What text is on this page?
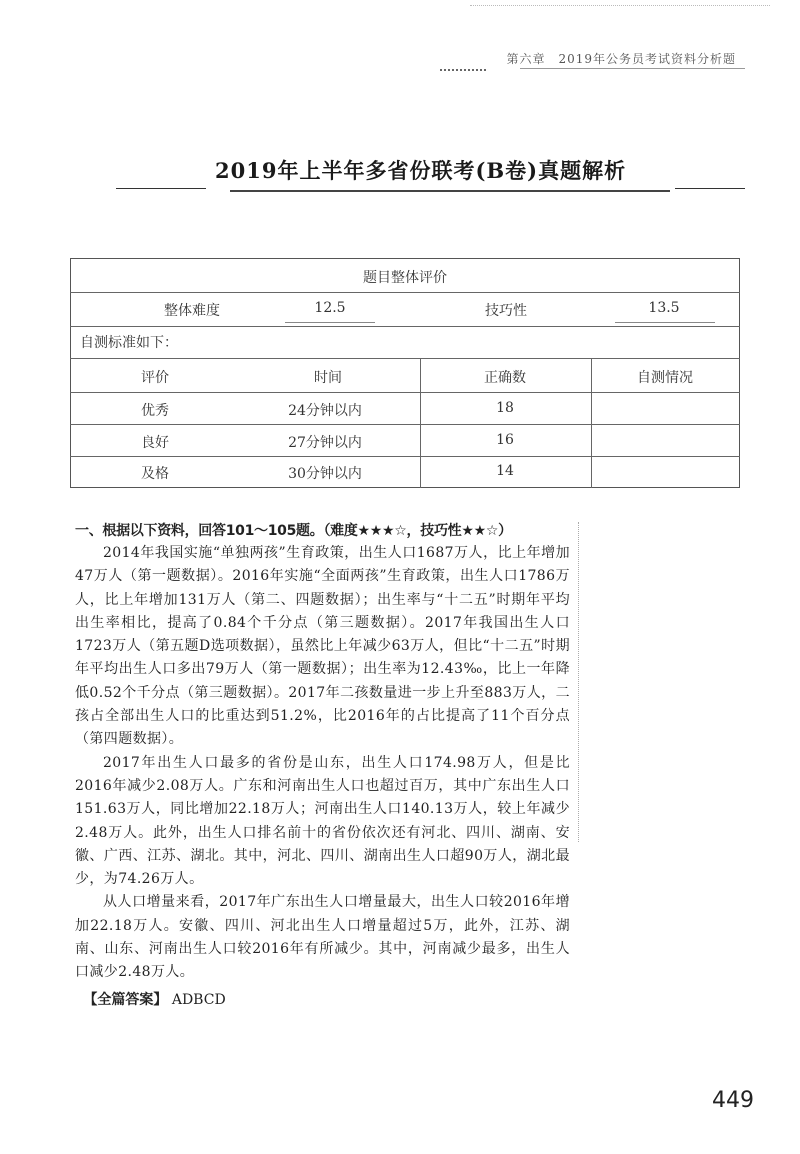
第六章　2019年公务员考试资料分析题
2019年上半年多省份联考(B卷)真题解析
题目整体评价
整体难度	12.5	技巧性	13.5
自测标准如下：
评价	时间	正确数	自测情况
优秀	24分钟以内	18
良好	27分钟以内	16
及格	30分钟以内	14
一、根据以下资料，回答101～105题。（难度★★★☆，技巧性★★☆）

2014年我国实施“单独两孩”生育政策，出生人口1687万人，比上年增加47万人（第一题数据）。2016年实施“全面两孩”生育政策，出生人口1786万人，比上年增加131万人（第二、四题数据）；出生率与“十二五”时期年平均出生率相比，提高了0.84个千分点（第三题数据）。2017年我国出生人口1723万人（第五题D选项数据），虽然比上年减少63万人，但比“十二五”时期年平均出生人口多出79万人（第一题数据）；出生率为12.43‰，比上一年降低0.52个千分点（第三题数据）。2017年二孩数量进一步上升至883万人，二孩占全部出生人口的比重达到51.2%，比2016年的占比提高了11个百分点（第四题数据）。

2017年出生人口最多的省份是山东，出生人口174.98万人，但是比2016年减少2.08万人。广东和河南出生人口也超过百万，其中广东出生人口151.63万人，同比增加22.18万人；河南出生人口140.13万人，较上年减少2.48万人。此外，出生人口排名前十的省份依次还有河北、四川、湖南、安徽、广西、江苏、湖北。其中，河北、四川、湖南出生人口超90万人，湖北最少，为74.26万人。

从人口增量来看，2017年广东出生人口增量最大，出生人口较2016年增加22.18万人。安徽、四川、河北出生人口增量超过5万，此外，江苏、湖南、山东、河南出生人口较2016年有所减少。其中，河南减少最多，出生人口减少2.48万人。

【全篇答案】 ADBCD
449
